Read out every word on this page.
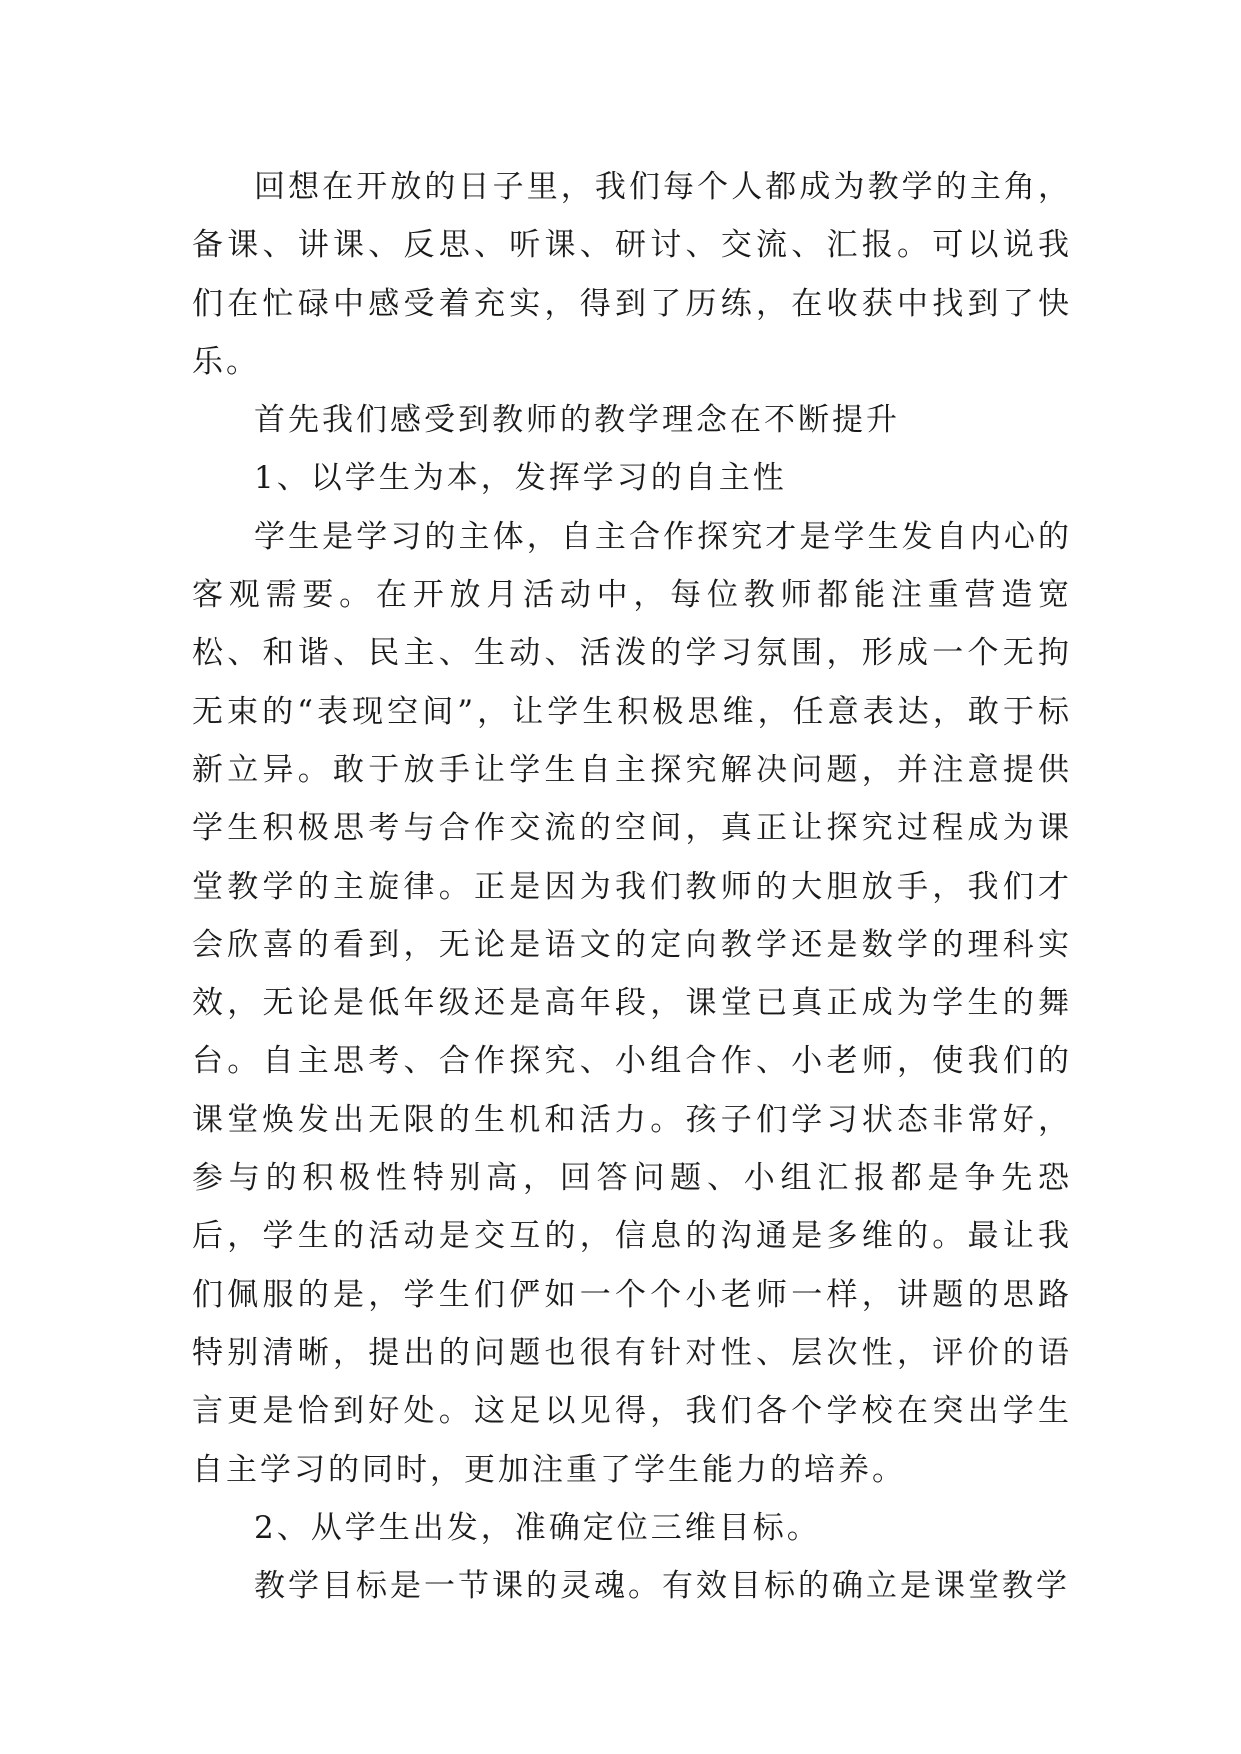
回想在开放的日子里，我们每个人都成为教学的主角，备课、讲课、反思、听课、研讨、交流、汇报。可以说我们在忙碌中感受着充实，得到了历练，在收获中找到了快乐。

首先我们感受到教师的教学理念在不断提升

1、以学生为本，发挥学习的自主性

学生是学习的主体，自主合作探究才是学生发自内心的客观需要。在开放月活动中，每位教师都能注重营造宽松、和谐、民主、生动、活泼的学习氛围，形成一个无拘无束的“表现空间”，让学生积极思维，任意表达，敢于标新立异。敢于放手让学生自主探究解决问题，并注意提供学生积极思考与合作交流的空间，真正让探究过程成为课堂教学的主旋律。正是因为我们教师的大胆放手，我们才会欣喜的看到，无论是语文的定向教学还是数学的理科实效，无论是低年级还是高年段，课堂已真正成为学生的舞台。自主思考、合作探究、小组合作、小老师，使我们的课堂焕发出无限的生机和活力。孩子们学习状态非常好，参与的积极性特别高，回答问题、小组汇报都是争先恐后，学生的活动是交互的，信息的沟通是多维的。最让我们佩服的是，学生们俨如一个个小老师一样，讲题的思路特别清晰，提出的问题也很有针对性、层次性，评价的语言更是恰到好处。这足以见得，我们各个学校在突出学生自主学习的同时，更加注重了学生能力的培养。

2、从学生出发，准确定位三维目标。

教学目标是一节课的灵魂。有效目标的确立是课堂教学
